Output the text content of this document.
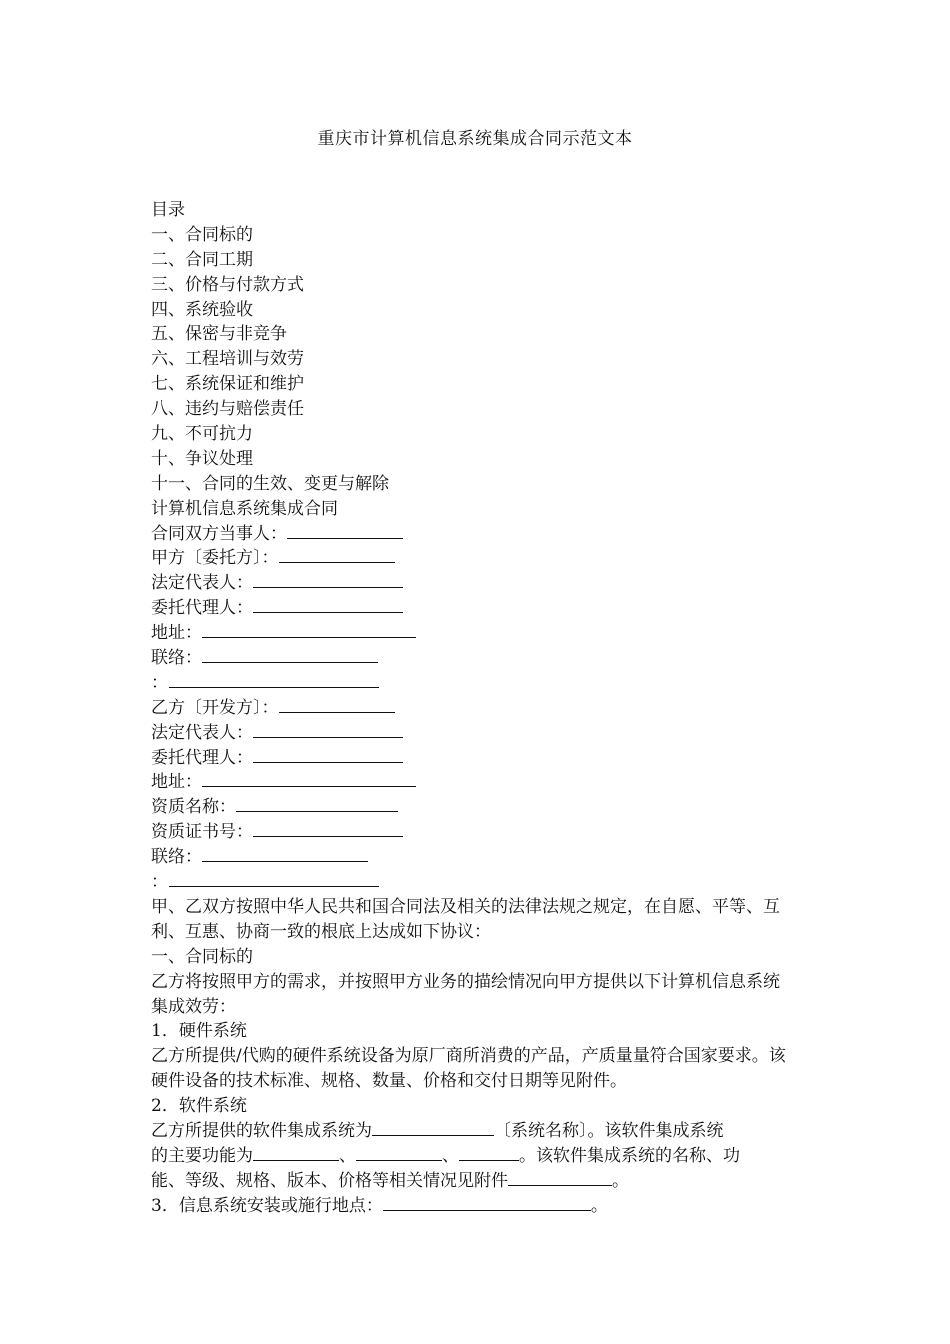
重庆市计算机信息系统集成合同示范文本
目录
一、合同标的
二、合同工期
三、价格与付款方式
四、系统验收
五、保密与非竞争
六、工程培训与效劳
七、系统保证和维护
八、违约与赔偿责任
九、不可抗力
十、争议处理
十一、合同的生效、变更与解除
计算机信息系统集成合同
合同双方当事人：
甲方〔委托方〕：
法定代表人：
委托代理人：
地址：
联络：
：
乙方〔开发方〕：
法定代表人：
委托代理人：
地址：
资质名称：
资质证书号：
联络：
：
甲、乙双方按照中华人民共和国合同法及相关的法律法规之规定，在自愿、平等、互利、互惠、协商一致的根底上达成如下协议：
一、合同标的
乙方将按照甲方的需求，并按照甲方业务的描绘情况向甲方提供以下计算机信息系统集成效劳：
1．硬件系统
乙方所提供/代购的硬件系统设备为原厂商所消费的产品，产质量量符合国家要求。该硬件设备的技术标准、规格、数量、价格和交付日期等见附件。
2．软件系统
乙方所提供的软件集成系统为	〔系统名称〕。该软件集成系统
的主要功能为	、	、	。该软件集成系统的名称、功
能、等级、规格、版本、价格等相关情况见附件	。
3．信息系统安装或施行地点：	。
